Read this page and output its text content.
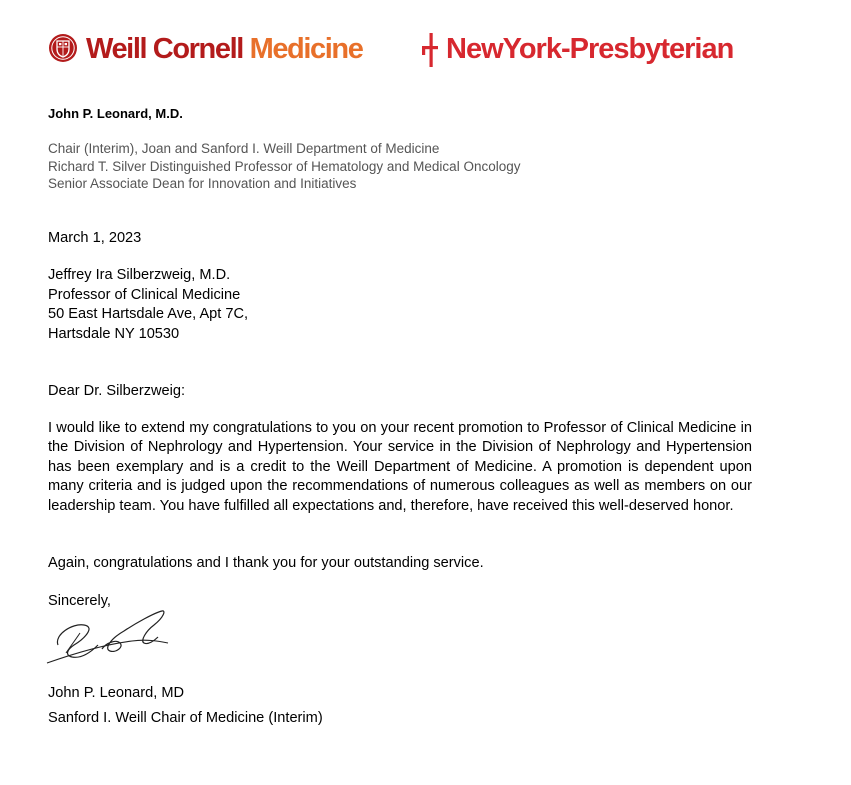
Weill Cornell Medicine	NewYork-Presbyterian
John P. Leonard, M.D.
Chair (Interim), Joan and Sanford I. Weill Department of Medicine
Richard T. Silver Distinguished Professor of Hematology and Medical Oncology
Senior Associate Dean for Innovation and Initiatives
March 1, 2023
Jeffrey Ira Silberzweig, M.D.
Professor of Clinical Medicine
50 East Hartsdale Ave, Apt 7C,
Hartsdale NY 10530
Dear Dr. Silberzweig:
I would like to extend my congratulations to you on your recent promotion to Professor of Clinical Medicine in the Division of Nephrology and Hypertension. Your service in the Division of Nephrology and Hypertension has been exemplary and is a credit to the Weill Department of Medicine. A promotion is dependent upon many criteria and is judged upon the recommendations of numerous colleagues as well as members on our leadership team. You have fulfilled all expectations and, therefore, have received this well-deserved honor.
Again, congratulations and I thank you for your outstanding service.
Sincerely,
John P. Leonard, MD
Sanford I. Weill Chair of Medicine (Interim)
